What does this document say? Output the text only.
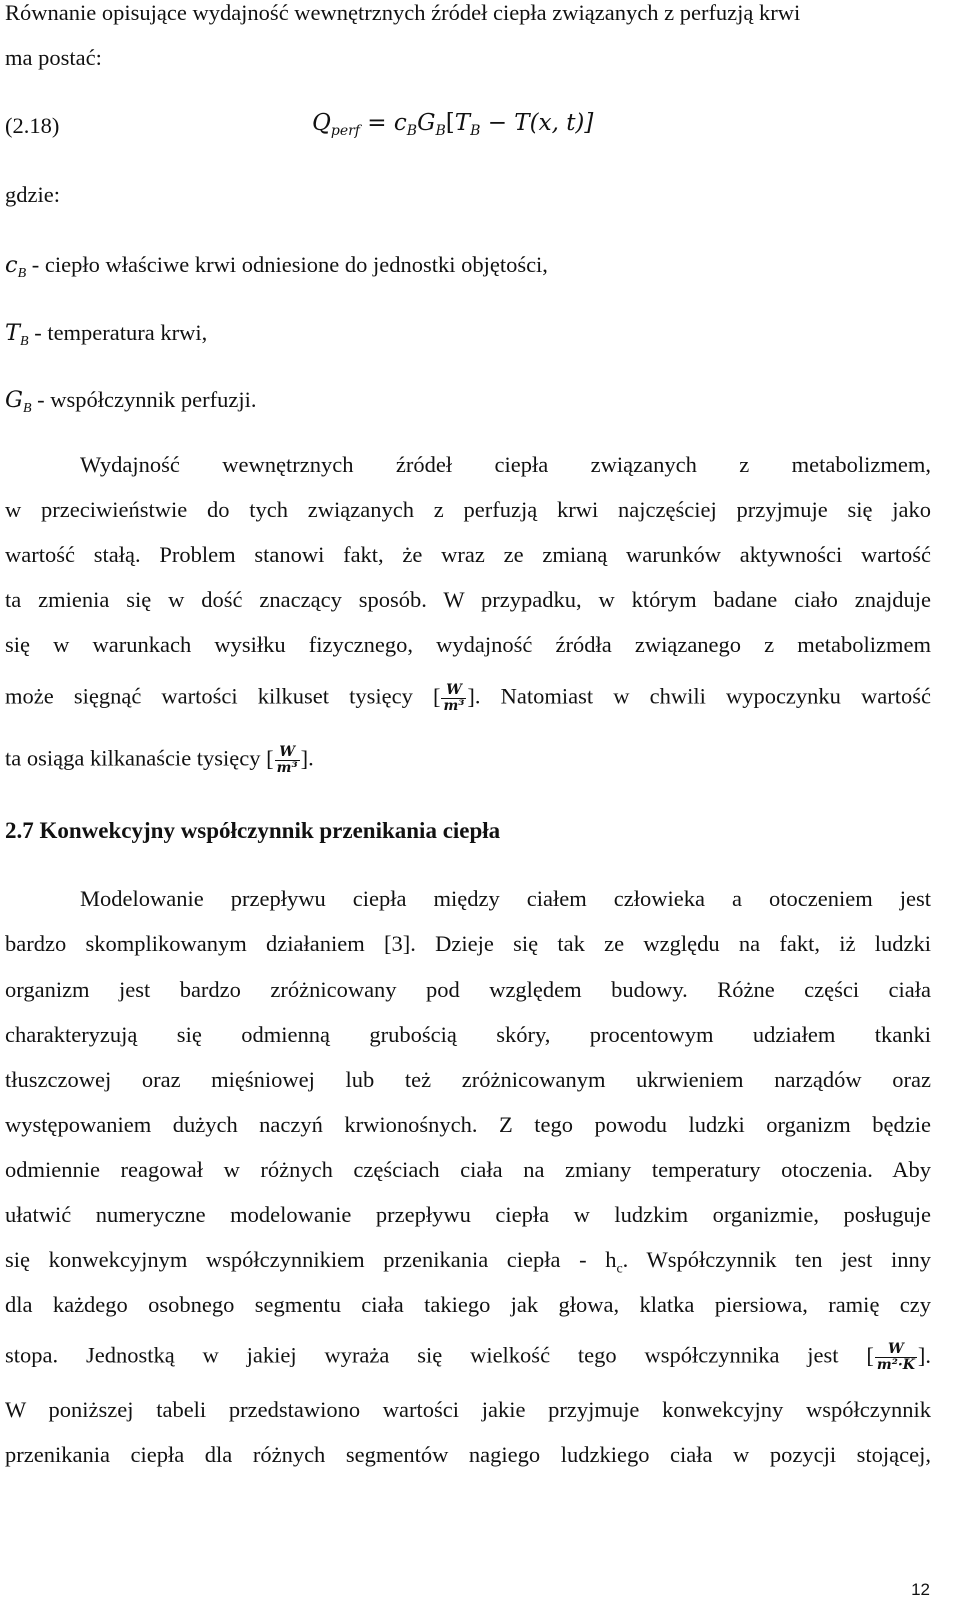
Równanie opisujące wydajność wewnętrznych źródeł ciepła związanych z perfuzją krwi
ma postać:
(2.18)	$Q_{perf} = c_BG_B[T_B - T(x$, t)]
gdzie:
$c_B$ - ciepło właściwe krwi odniesione do jednostki objętości,
$T_B$ - temperatura krwi,
$G_B$ - współczynnik perfuzji.
Wydajność wewnętrznych źródeł ciepła związanych z metabolizmem,
w przeciwieństwie do tych związanych z perfuzją krwi najczęściej przyjmuje się jako
wartość stałą. Problem stanowi fakt, że wraz ze zmianą warunków aktywności wartość
ta zmienia się w dość znaczący sposób. W przypadku, w którym badane ciało znajduje
się w warunkach wysiłku fizycznego, wydajność źródła związanego z metabolizmem
może sięgnąć wartości kilkuset tysięcy [ $\frac{W}{\text{m³}}$ ]. Natomiast w chwili wypoczynku wartość
ta osiąga kilkanaście tysięcy [ $\frac{W}{\text{m³}}$ ].
2.7 Konwekcyjny współczynnik przenikania ciepła
Modelowanie przepływu ciepła między ciałem człowieka a otoczeniem jest
bardzo skomplikowanym działaniem [3]. Dzieje się tak ze względu na fakt, iż ludzki
organizm jest bardzo zróżnicowany pod względem budowy. Różne części ciała
charakteryzują się odmienną grubością skóry, procentowym udziałem tkanki
tłuszczowej oraz mięśniowej lub też zróżnicowanym ukrwieniem narządów oraz
występowaniem dużych naczyń krwionośnych. Z tego powodu ludzki organizm będzie
odmiennie reagował w różnych częściach ciała na zmiany temperatury otoczenia. Aby
ułatwić numeryczne modelowanie przepływu ciepła w ludzkim organizmie, posługuje
się konwekcyjnym współczynnikiem przenikania ciepła - $h_c$. Współczynnik ten jest inny
dla każdego osobnego segmentu ciała takiego jak głowa, klatka piersiowa, ramię czy
stopa. Jednostką w jakiej wyraża się wielkość tego współczynnika jest [ $\frac{W}{\text{m²·K}}$ ].
W poniższej tabeli przedstawiono wartości jakie przyjmuje konwekcyjny współczynnik
przenikania ciepła dla różnych segmentów nagiego ludzkiego ciała w pozycji stojącej,
12
